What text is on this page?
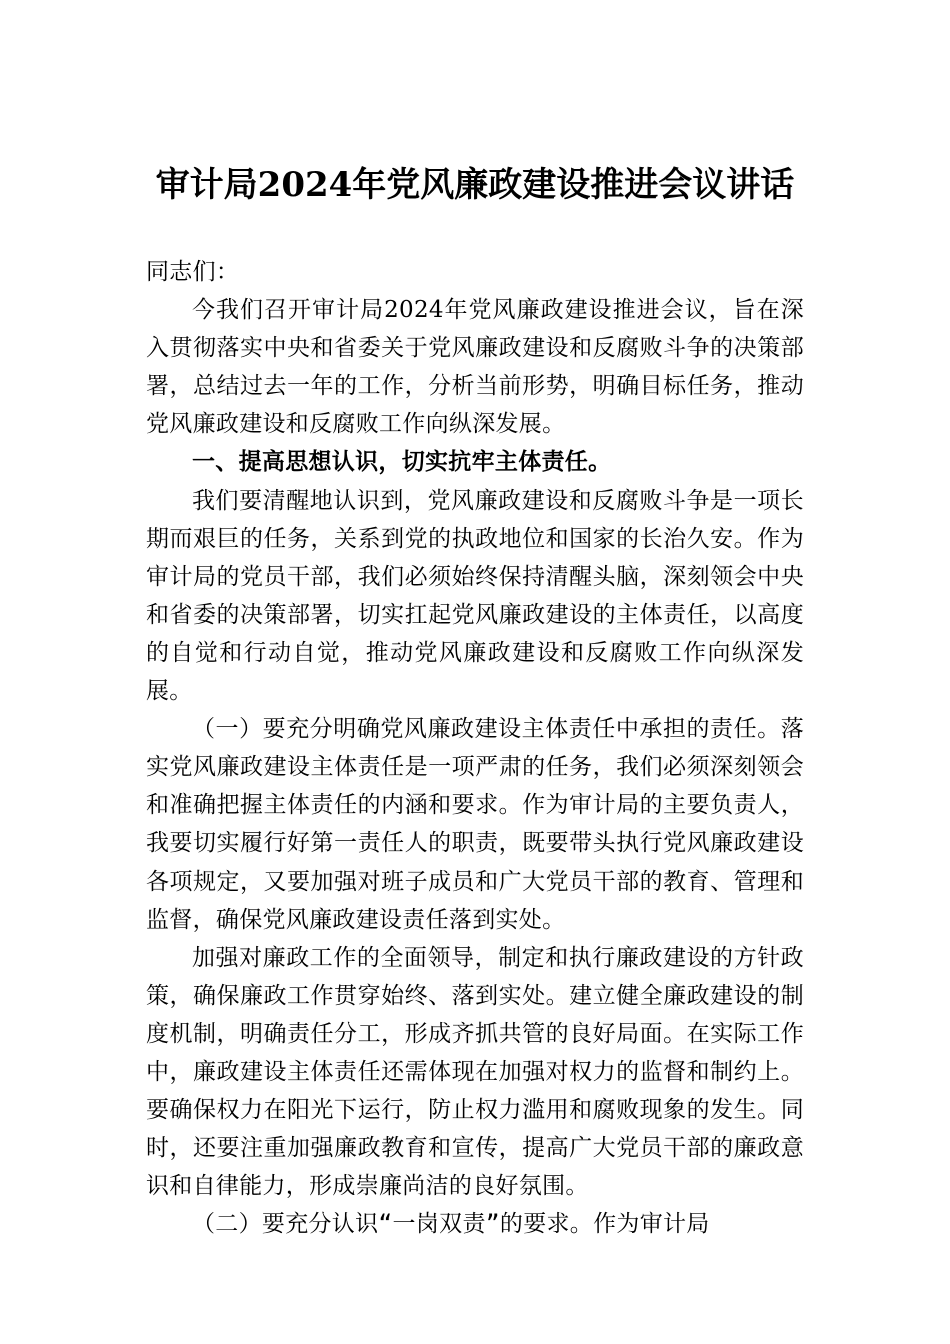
审计局2024年党风廉政建设推进会议讲话

同志们：

今我们召开审计局2024年党风廉政建设推进会议，旨在深入贯彻落实中央和省委关于党风廉政建设和反腐败斗争的决策部署，总结过去一年的工作，分析当前形势，明确目标任务，推动党风廉政建设和反腐败工作向纵深发展。

一、提高思想认识，切实抗牢主体责任。

我们要清醒地认识到，党风廉政建设和反腐败斗争是一项长期而艰巨的任务，关系到党的执政地位和国家的长治久安。作为审计局的党员干部，我们必须始终保持清醒头脑，深刻领会中央和省委的决策部署，切实扛起党风廉政建设的主体责任，以高度的自觉和行动自觉，推动党风廉政建设和反腐败工作向纵深发展。

（一）要充分明确党风廉政建设主体责任中承担的责任。落实党风廉政建设主体责任是一项严肃的任务，我们必须深刻领会和准确把握主体责任的内涵和要求。作为审计局的主要负责人，我要切实履行好第一责任人的职责，既要带头执行党风廉政建设各项规定，又要加强对班子成员和广大党员干部的教育、管理和监督，确保党风廉政建设责任落到实处。

加强对廉政工作的全面领导，制定和执行廉政建设的方针政策，确保廉政工作贯穿始终、落到实处。建立健全廉政建设的制度机制，明确责任分工，形成齐抓共管的良好局面。在实际工作中，廉政建设主体责任还需体现在加强对权力的监督和制约上。要确保权力在阳光下运行，防止权力滥用和腐败现象的发生。同时，还要注重加强廉政教育和宣传，提高广大党员干部的廉政意识和自律能力，形成崇廉尚洁的良好氛围。

（二）要充分认识“一岗双责”的要求。作为审计局
